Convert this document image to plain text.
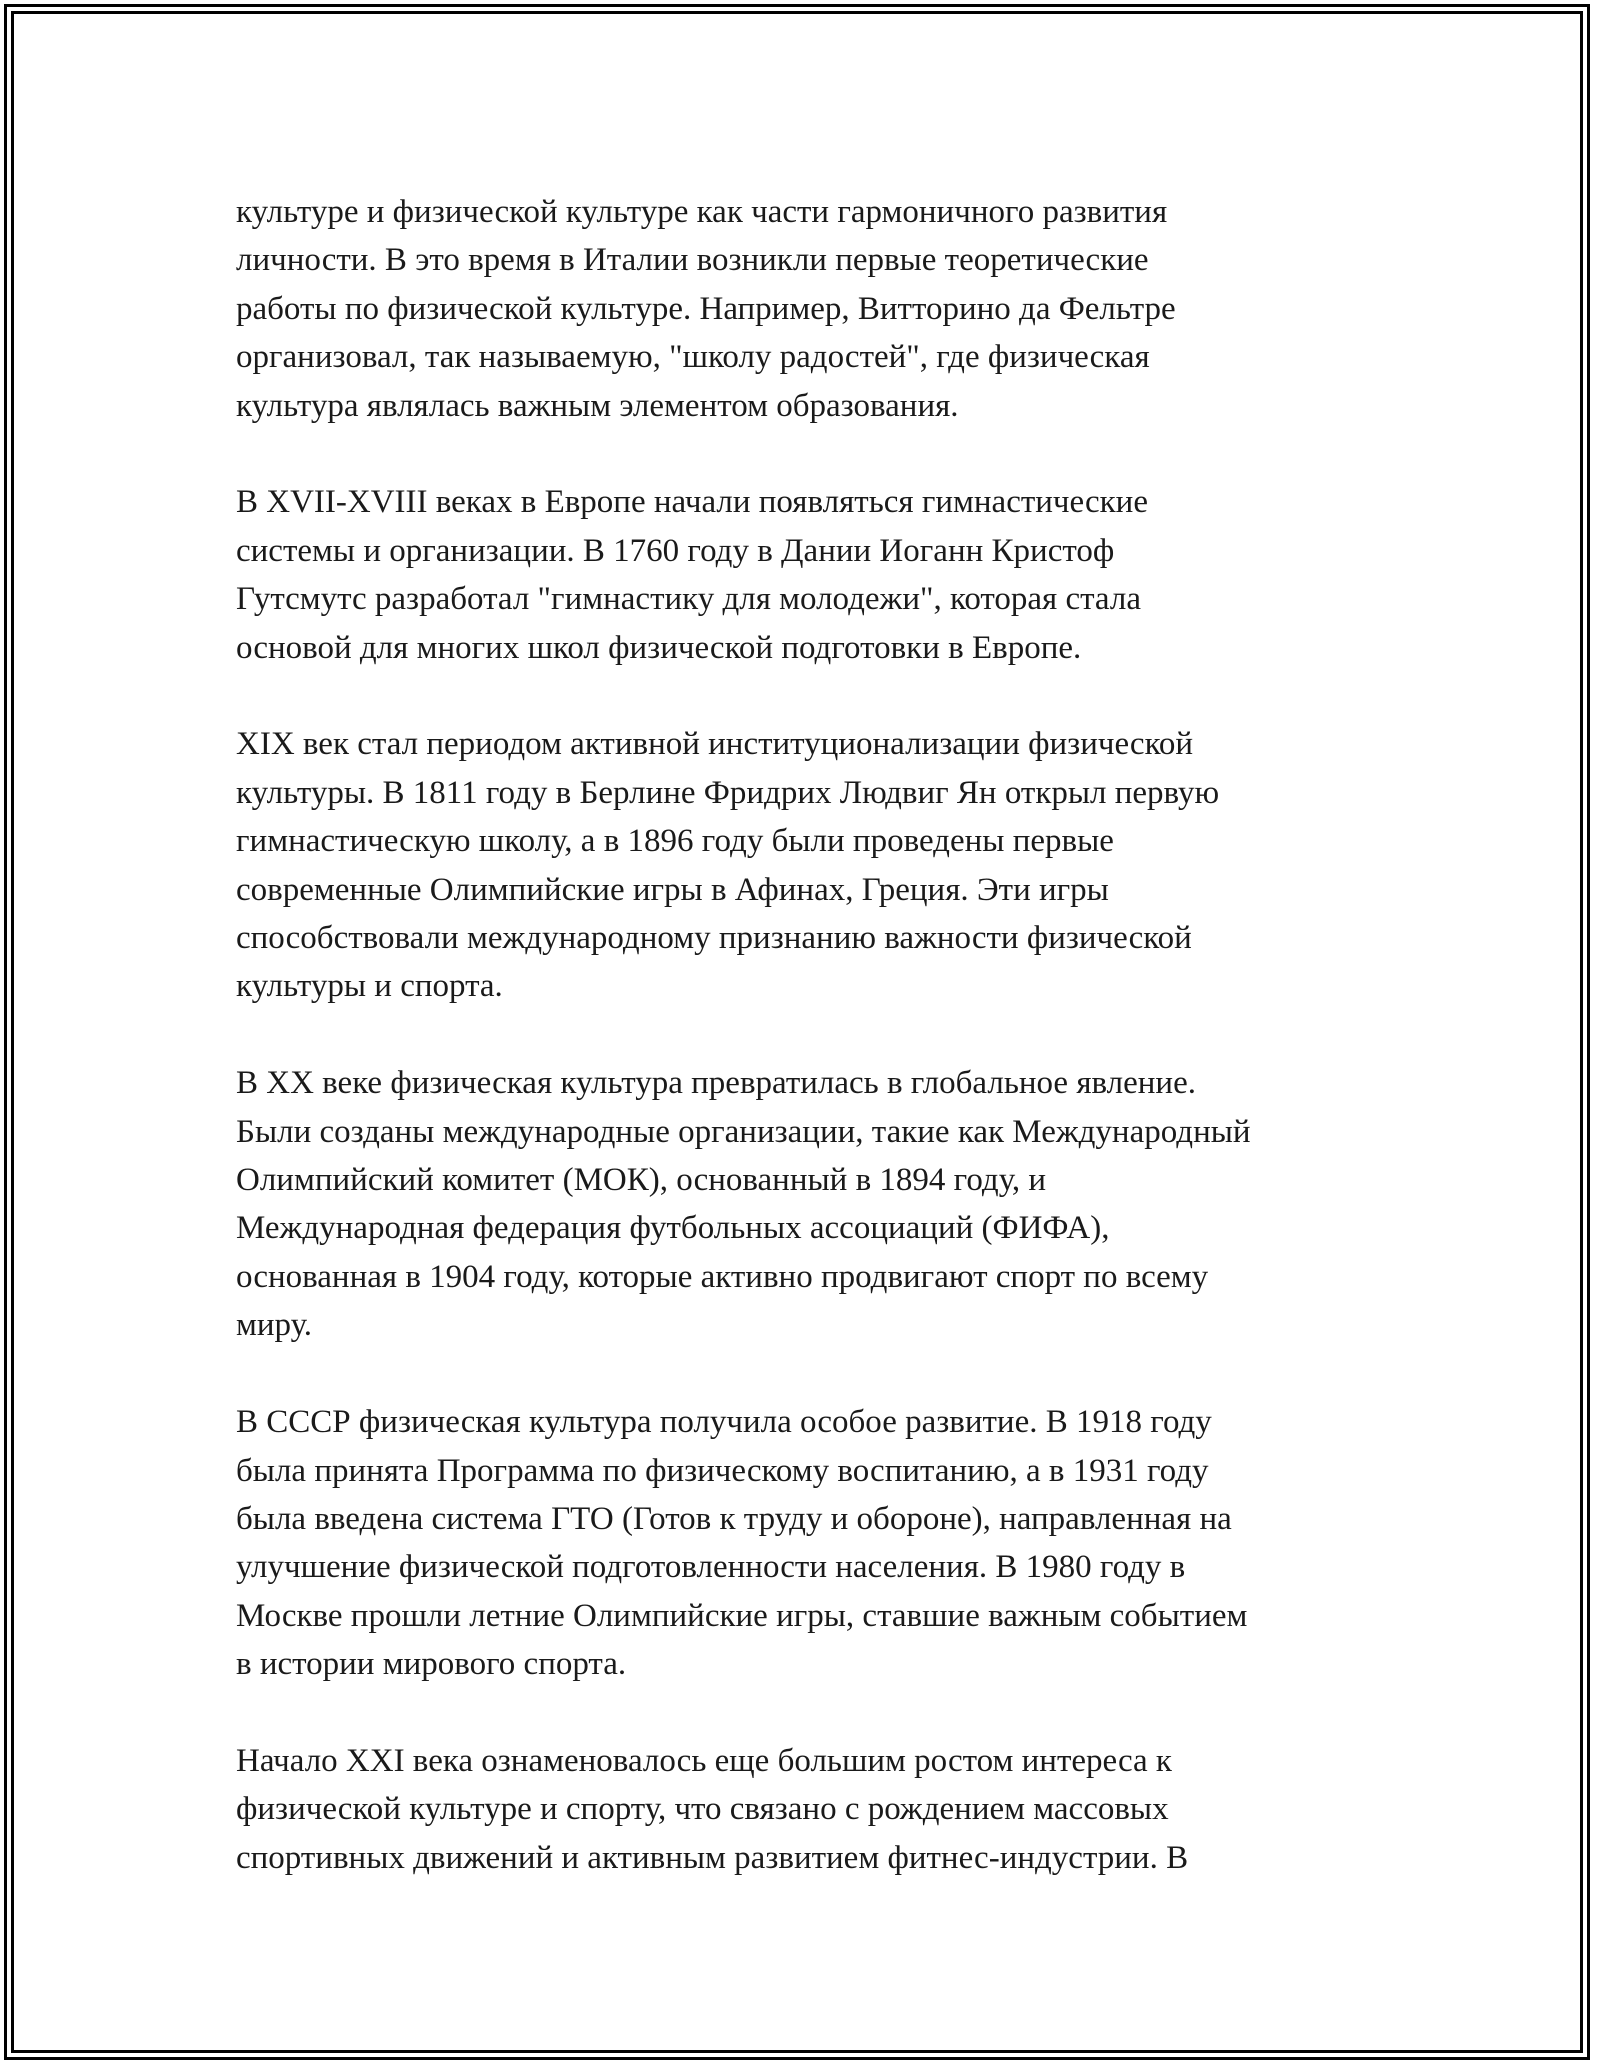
культуре и физической культуре как части гармоничного развития
личности. В это время в Италии возникли первые теоретические
работы по физической культуре. Например, Витторино да Фельтре
организовал, так называемую, "школу радостей", где физическая
культура являлась важным элементом образования.

В XVII-XVIII веках в Европе начали появляться гимнастические
системы и организации. В 1760 году в Дании Иоганн Кристоф
Гутсмутс разработал "гимнастику для молодежи", которая стала
основой для многих школ физической подготовки в Европе.

XIX век стал периодом активной институционализации физической
культуры. В 1811 году в Берлине Фридрих Людвиг Ян открыл первую
гимнастическую школу, а в 1896 году были проведены первые
современные Олимпийские игры в Афинах, Греция. Эти игры
способствовали международному признанию важности физической
культуры и спорта.

В XX веке физическая культура превратилась в глобальное явление.
Были созданы международные организации, такие как Международный
Олимпийский комитет (МОК), основанный в 1894 году, и
Международная федерация футбольных ассоциаций (ФИФА),
основанная в 1904 году, которые активно продвигают спорт по всему
миру.

В СССР физическая культура получила особое развитие. В 1918 году
была принята Программа по физическому воспитанию, а в 1931 году
была введена система ГТО (Готов к труду и обороне), направленная на
улучшение физической подготовленности населения. В 1980 году в
Москве прошли летние Олимпийские игры, ставшие важным событием
в истории мирового спорта.

Начало XXI века ознаменовалось еще большим ростом интереса к
физической культуре и спорту, что связано с рождением массовых
спортивных движений и активным развитием фитнес-индустрии. В
